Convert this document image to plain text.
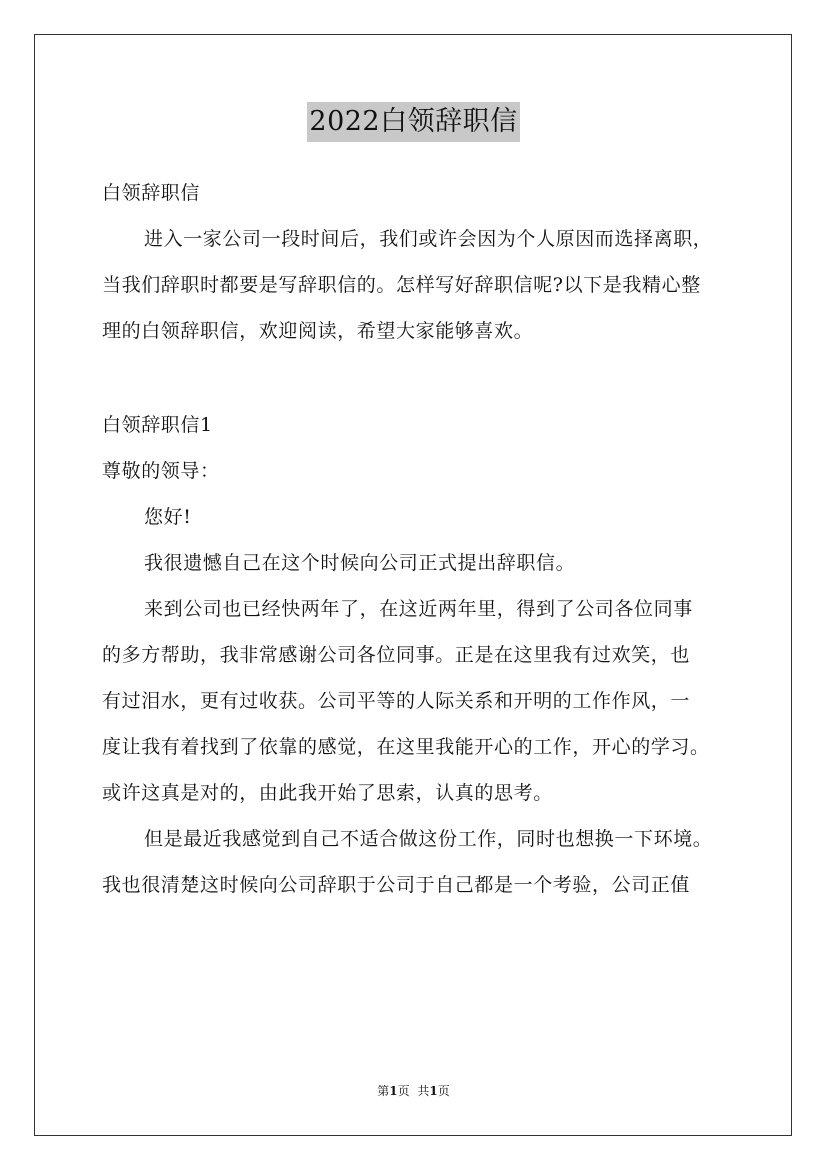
2022白领辞职信
白领辞职信
进入一家公司一段时间后，我们或许会因为个人原因而选择离职，
当我们辞职时都要是写辞职信的。怎样写好辞职信呢?以下是我精心整
理的白领辞职信，欢迎阅读，希望大家能够喜欢。
白领辞职信1
尊敬的领导：
您好!
我很遗憾自己在这个时候向公司正式提出辞职信。
来到公司也已经快两年了，在这近两年里，得到了公司各位同事
的多方帮助，我非常感谢公司各位同事。正是在这里我有过欢笑，也
有过泪水，更有过收获。公司平等的人际关系和开明的工作作风，一
度让我有着找到了依靠的感觉，在这里我能开心的工作，开心的学习。
或许这真是对的，由此我开始了思索，认真的思考。
但是最近我感觉到自己不适合做这份工作，同时也想换一下环境。
我也很清楚这时候向公司辞职于公司于自己都是一个考验，公司正值
第1页 共1页
